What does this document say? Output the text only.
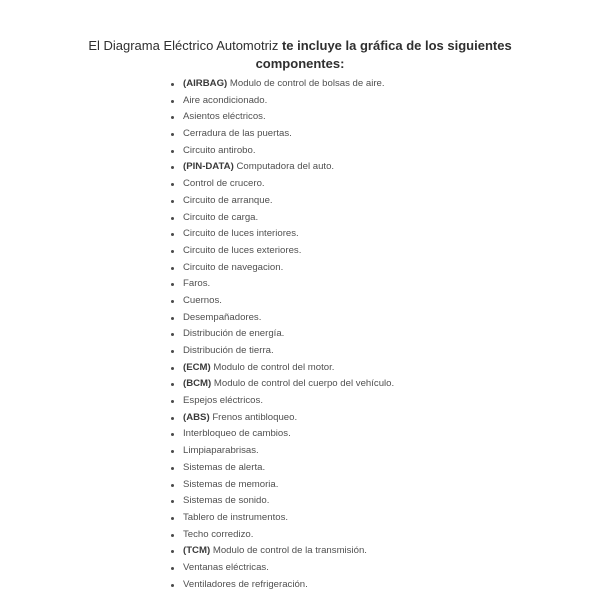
El Diagrama Eléctrico Automotriz te incluye la gráfica de los siguientes componentes:
(AIRBAG) Modulo de control de bolsas de aire.
Aire acondicionado.
Asientos eléctricos.
Cerradura de las puertas.
Circuito antirobo.
(PIN-DATA) Computadora del auto.
Control de crucero.
Circuito de arranque.
Circuito de carga.
Circuito de luces interiores.
Circuito de luces exteriores.
Circuito de navegacion.
Faros.
Cuernos.
Desempañadores.
Distribución de energía.
Distribución de tierra.
(ECM) Modulo de control del motor.
(BCM) Modulo de control del cuerpo del vehículo.
Espejos eléctricos.
(ABS) Frenos antibloqueo.
Interbloqueo de cambios.
Limpiaparabrisas.
Sistemas de alerta.
Sistemas de memoria.
Sistemas de sonido.
Tablero de instrumentos.
Techo corredizo.
(TCM) Modulo de control de la transmisión.
Ventanas eléctricas.
Ventiladores de refrigeración.
